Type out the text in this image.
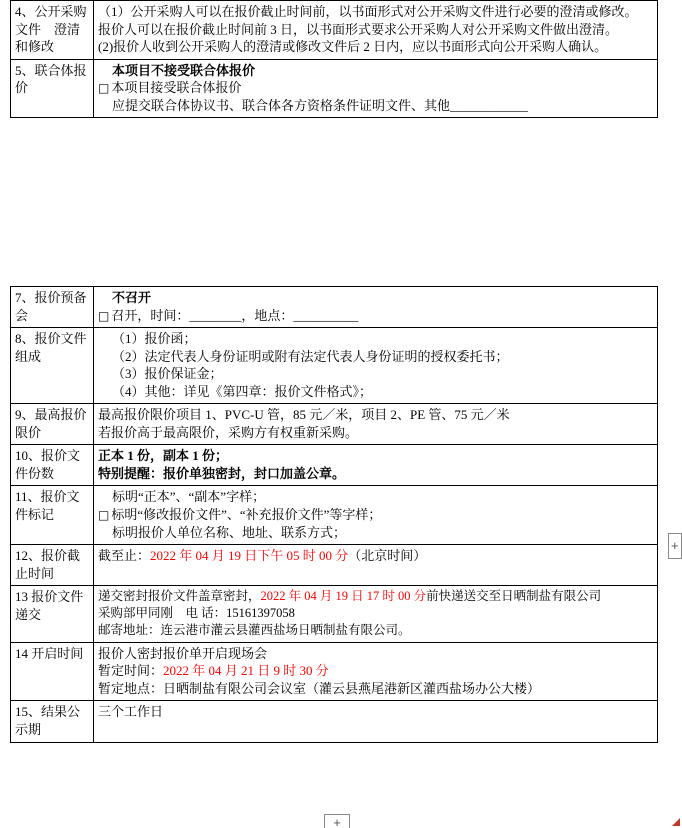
4、公开采购文件　澄清和修改	（1）公开采购人可以在报价截止时间前，以书面形式对公开采购文件进行必要的澄清或修改。
报价人可以在报价截止时间前 3 日，以书面形式要求公开采购人对公开采购文件做出澄清。
(2)报价人收到公开采购人的澄清或修改文件后 2 日内，应以书面形式向公开采购人确认。

5、联合体报价	本项目不接受联合体报价
□ 本项目接受联合体报价
应提交联合体协议书、联合体各方资格条件证明文件、其他____________
7、报价预备会	不召开
□ 召开，时间：________，地点：__________

8、报价文件组成	（1）报价函；
（2）法定代表人身份证明或附有法定代表人身份证明的授权委托书；
（3）报价保证金；
（4）其他：详见《第四章：报价文件格式》；

9、最高报价限价	最高报价限价项目 1、PVC-U 管，85 元／米，项目 2、PE 管、75 元／米
若报价高于最高限价，采购方有权重新采购。

10、报价文件份数	正本 1 份，副本 1 份；
特别提醒：报价单独密封，封口加盖公章。

11、报价文件标记	标明“正本”、“副本”字样；
□ 标明“修改报价文件”、“补充报价文件”等字样；
标明报价人单位名称、地址、联系方式；

12、报价截止时间	截至止：2022 年 04 月 19 日下午 05 时 00 分（北京时间）

13 报价文件递交	递交密封报价文件盖章密封，2022 年 04 月 19 日 17 时 00 分前快递送交至日晒制盐有限公司
采购部甲同刚　电 话：15161397058
邮寄地址：连云港市灌云县灌西盐场日晒制盐有限公司。

14 开启时间	报价人密封报价单开启现场会
暂定时间：2022 年 04 月 21 日 9 时 30 分
暂定地点：日晒制盐有限公司会议室（灌云县燕尾港新区灌西盐场办公大楼）

15、结果公示期	三个工作日
+
+
